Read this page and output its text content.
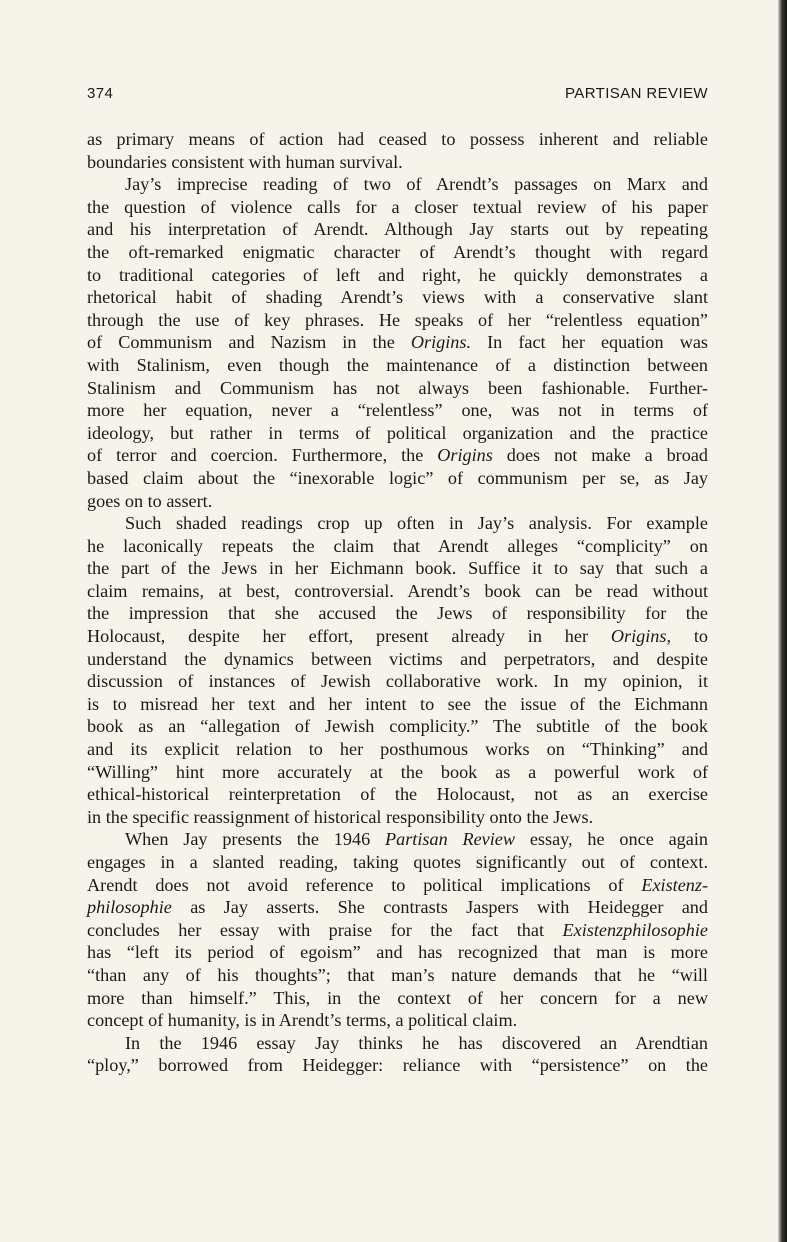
374	PARTISAN REVIEW
as primary means of action had ceased to possess inherent and reliable
boundaries consistent with human survival.
Jay’s imprecise reading of two of Arendt’s passages on Marx and
the question of violence calls for a closer textual review of his paper
and his interpretation of Arendt. Although Jay starts out by repeating
the oft-remarked enigmatic character of Arendt’s thought with regard
to traditional categories of left and right, he quickly demonstrates a
rhetorical habit of shading Arendt’s views with a conservative slant
through the use of key phrases. He speaks of her “relentless equation”
of Communism and Nazism in the Origins. In fact her equation was
with Stalinism, even though the maintenance of a distinction between
Stalinism and Communism has not always been fashionable. Further-
more her equation, never a “relentless” one, was not in terms of
ideology, but rather in terms of political organization and the practice
of terror and coercion. Furthermore, the Origins does not make a broad
based claim about the “inexorable logic” of communism per se, as Jay
goes on to assert.
Such shaded readings crop up often in Jay’s analysis. For example
he laconically repeats the claim that Arendt alleges “complicity” on
the part of the Jews in her Eichmann book. Suffice it to say that such a
claim remains, at best, controversial. Arendt’s book can be read without
the impression that she accused the Jews of responsibility for the
Holocaust, despite her effort, present already in her Origins, to
understand the dynamics between victims and perpetrators, and despite
discussion of instances of Jewish collaborative work. In my opinion, it
is to misread her text and her intent to see the issue of the Eichmann
book as an “allegation of Jewish complicity.” The subtitle of the book
and its explicit relation to her posthumous works on “Thinking” and
“Willing” hint more accurately at the book as a powerful work of
ethical-historical reinterpretation of the Holocaust, not as an exercise
in the specific reassignment of historical responsibility onto the Jews.
When Jay presents the 1946 Partisan Review essay, he once again
engages in a slanted reading, taking quotes significantly out of context.
Arendt does not avoid reference to political implications of Existenz-
philosophie as Jay asserts. She contrasts Jaspers with Heidegger and
concludes her essay with praise for the fact that Existenzphilosophie
has “left its period of egoism” and has recognized that man is more
“than any of his thoughts”; that man’s nature demands that he “will
more than himself.” This, in the context of her concern for a new
concept of humanity, is in Arendt’s terms, a political claim.
In the 1946 essay Jay thinks he has discovered an Arendtian
“ploy,” borrowed from Heidegger: reliance with “persistence” on the
